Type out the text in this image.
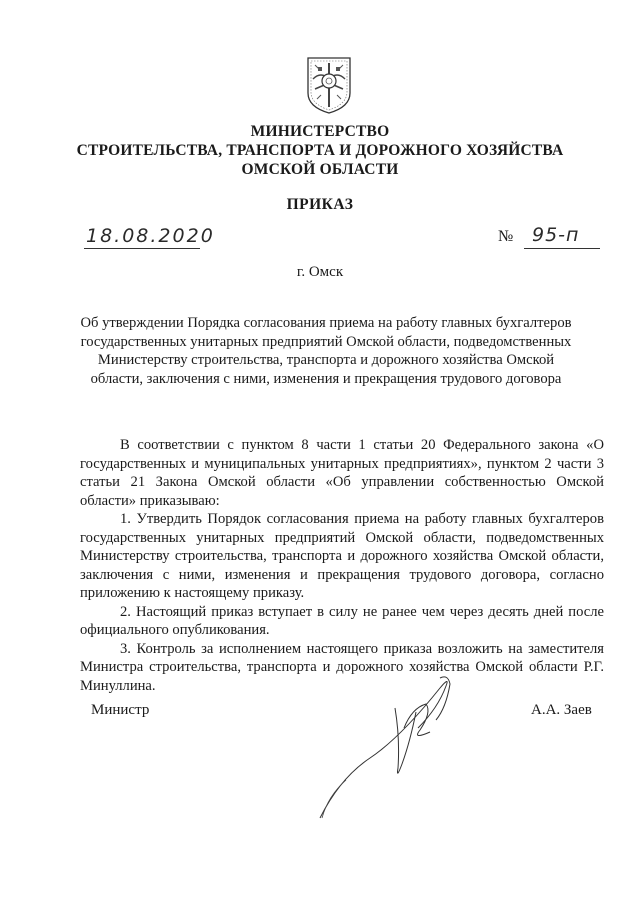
МИНИСТЕРСТВО
СТРОИТЕЛЬСТВА, ТРАНСПОРТА И ДОРОЖНОГО ХОЗЯЙСТВА
ОМСКОЙ ОБЛАСТИ
ПРИКАЗ
18.08.2020	№ 95-п
г. Омск
Об утверждении Порядка согласования приема на работу главных бухгалтеров государственных унитарных предприятий Омской области, подведомственных Министерству строительства, транспорта и дорожного хозяйства Омской области, заключения с ними, изменения и прекращения трудового договора

В соответствии с пунктом 8 части 1 статьи 20 Федерального закона «О государственных и муниципальных унитарных предприятиях», пунктом 2 части 3 статьи 21 Закона Омской области «Об управлении собственностью Омской области» приказываю:

1. Утвердить Порядок согласования приема на работу главных бухгалтеров государственных унитарных предприятий Омской области, подведомственных Министерству строительства, транспорта и дорожного хозяйства Омской области, заключения с ними, изменения и прекращения трудового договора, согласно приложению к настоящему приказу.

2. Настоящий приказ вступает в силу не ранее чем через десять дней после официального опубликования.

3. Контроль за исполнением настоящего приказа возложить на заместителя Министра строительства, транспорта и дорожного хозяйства Омской области Р.Г. Минуллина.

Министр	А.А. Заев
